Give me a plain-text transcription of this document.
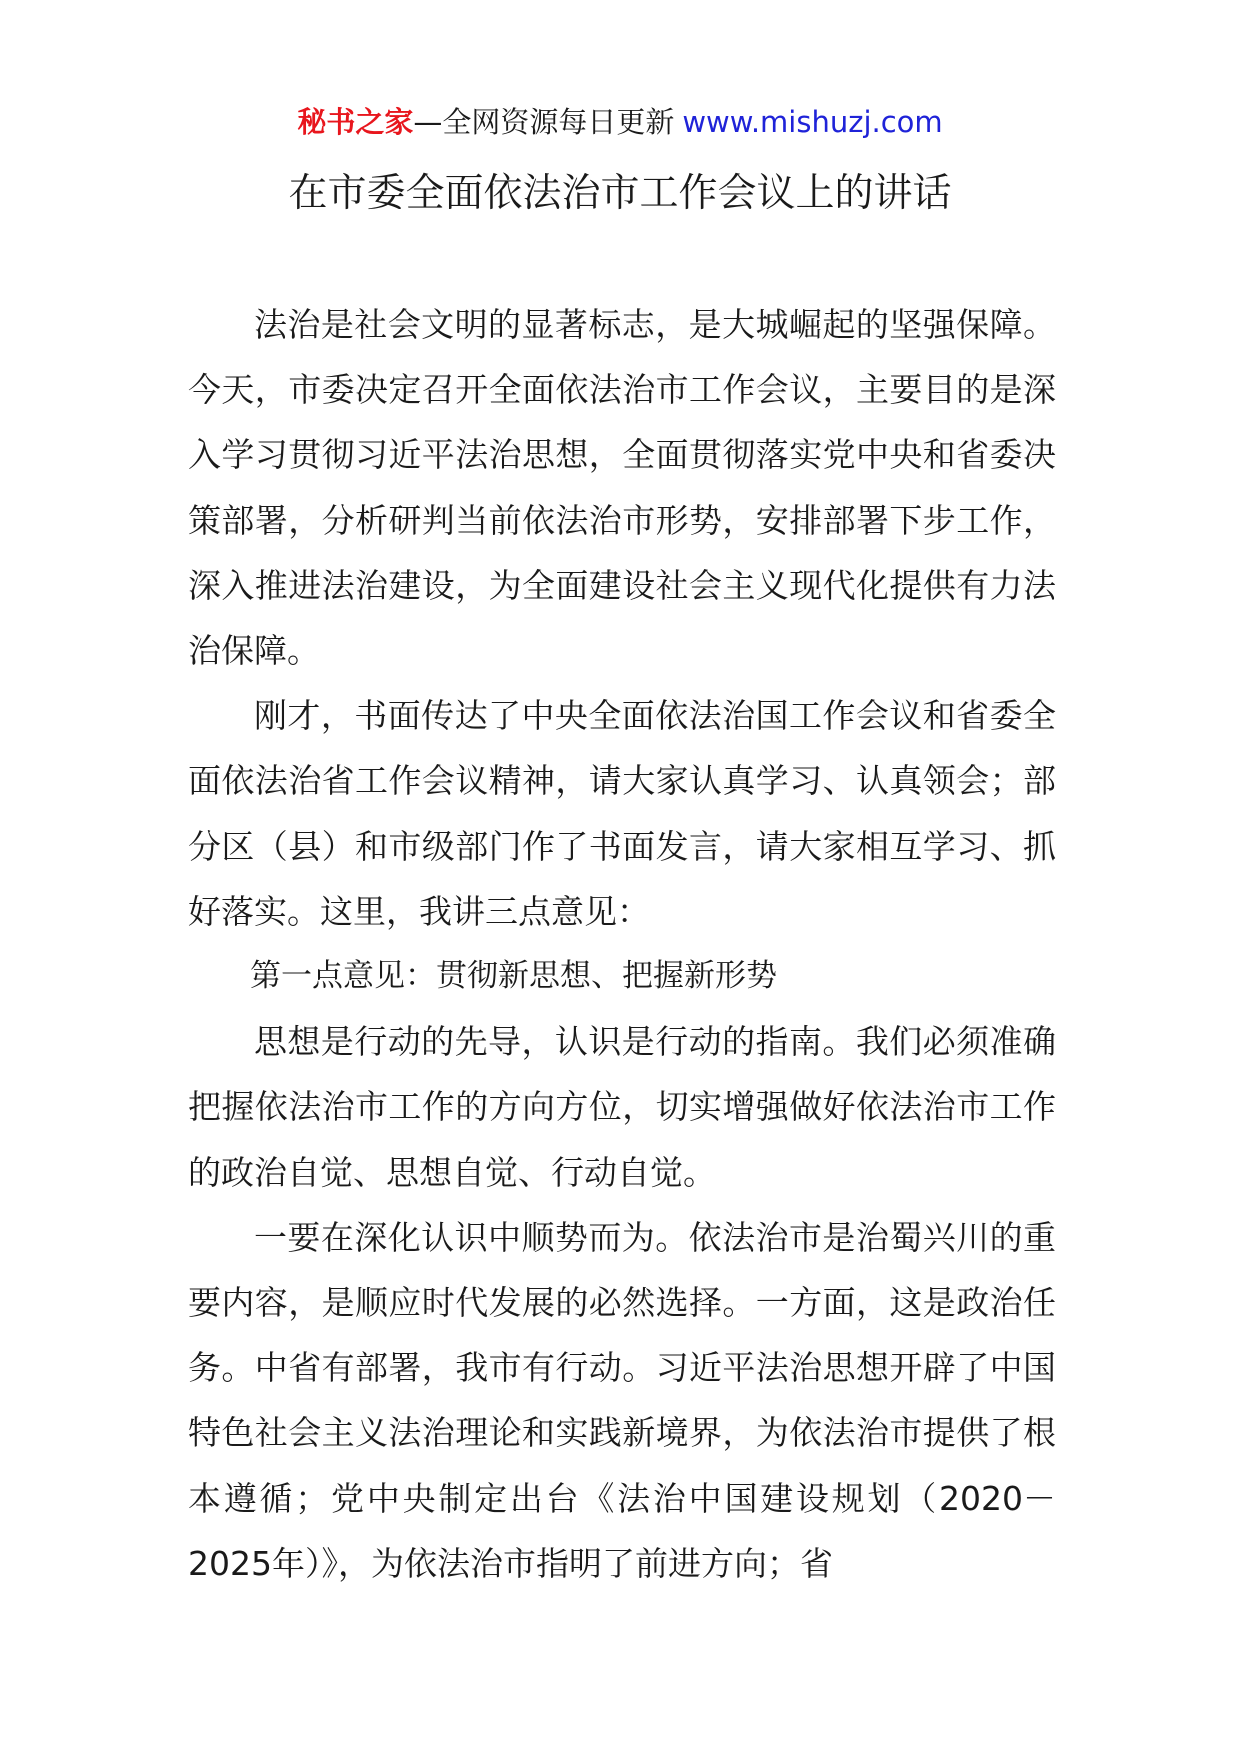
秘书之家—全网资源每日更新 www.mishuzj.com
在市委全面依法治市工作会议上的讲话

法治是社会文明的显著标志，是大城崛起的坚强保障。今天，市委决定召开全面依法治市工作会议，主要目的是深入学习贯彻习近平法治思想，全面贯彻落实党中央和省委决策部署，分析研判当前依法治市形势，安排部署下步工作，深入推进法治建设，为全面建设社会主义现代化提供有力法治保障。

刚才，书面传达了中央全面依法治国工作会议和省委全面依法治省工作会议精神，请大家认真学习、认真领会；部分区（县）和市级部门作了书面发言，请大家相互学习、抓好落实。这里，我讲三点意见：

第一点意见：贯彻新思想、把握新形势

思想是行动的先导，认识是行动的指南。我们必须准确把握依法治市工作的方向方位，切实增强做好依法治市工作的政治自觉、思想自觉、行动自觉。

一要在深化认识中顺势而为。依法治市是治蜀兴川的重要内容，是顺应时代发展的必然选择。一方面，这是政治任务。中省有部署，我市有行动。习近平法治思想开辟了中国特色社会主义法治理论和实践新境界，为依法治市提供了根本遵循；党中央制定出台《法治中国建设规划（2020－2025年）》，为依法治市指明了前进方向；省
